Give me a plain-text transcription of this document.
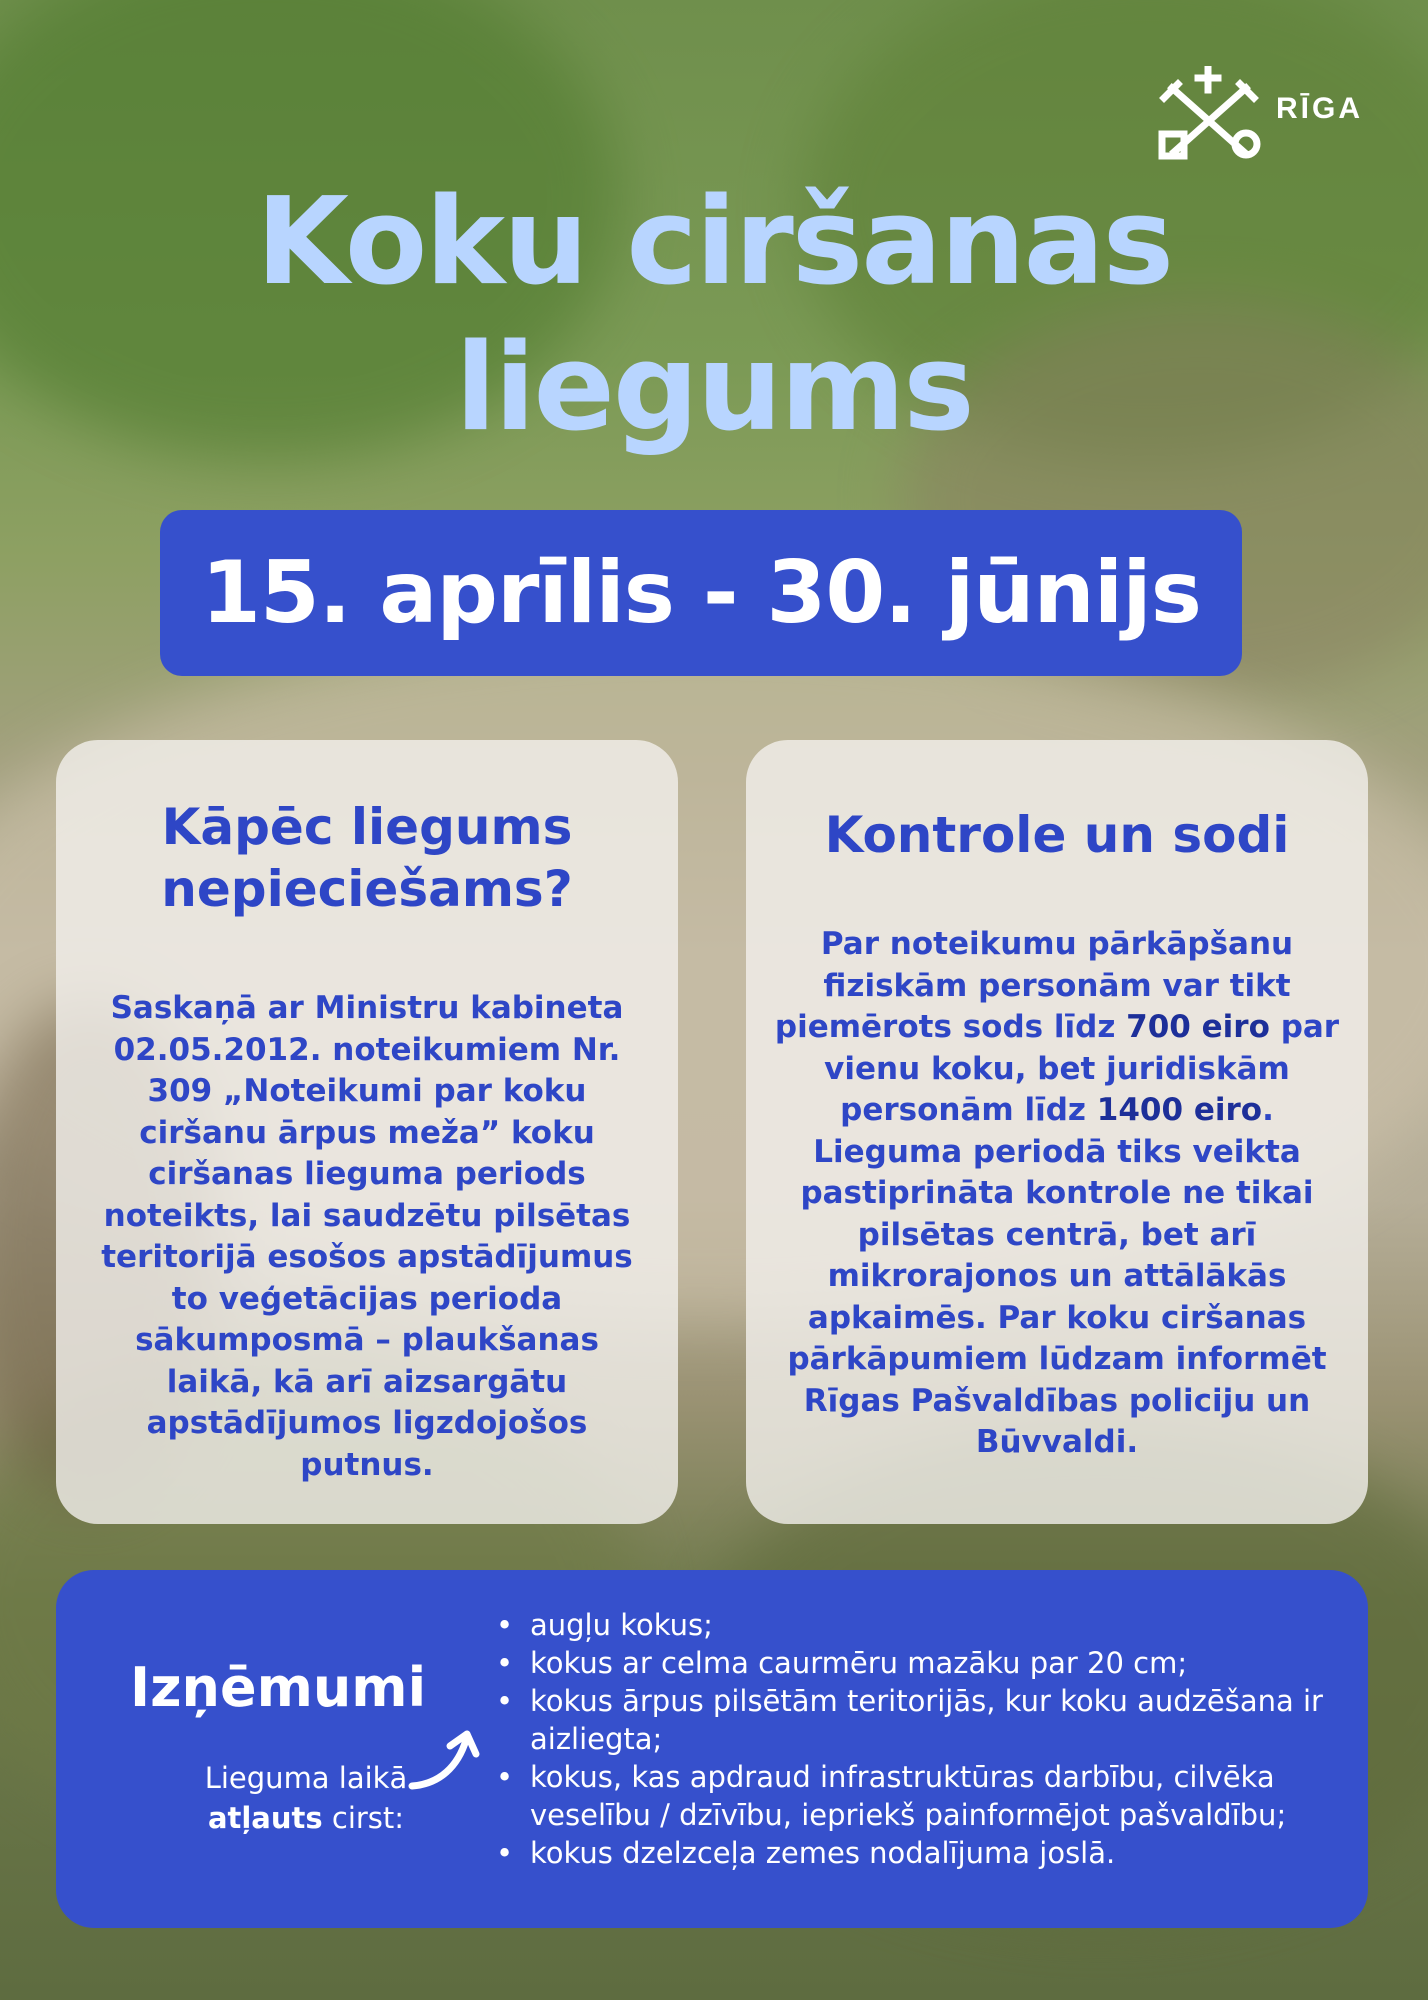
RĪGA
Koku ciršanas
liegums
15. aprīlis - 30. jūnijs
Kāpēc liegums
nepieciešams?

Saskaņā ar Ministru kabineta 02.05.2012. noteikumiem Nr. 309 „Noteikumi par koku ciršanu ārpus meža” koku ciršanas lieguma periods noteikts, lai saudzētu pilsētas teritorijā esošos apstādījumus to veģetācijas perioda sākumposmā – plaukšanas laikā, kā arī aizsargātu apstādījumos ligzdojošos putnus.

Kontrole un sodi

Par noteikumu pārkāpšanu fiziskām personām var tikt piemērots sods līdz 700 eiro par vienu koku, bet juridiskām personām līdz 1400 eiro. Lieguma periodā tiks veikta pastiprināta kontrole ne tikai pilsētas centrā, bet arī mikrorajonos un attālākās apkaimēs. Par koku ciršanas pārkāpumiem lūdzam informēt Rīgas Pašvaldības policiju un Būvvaldi.

Izņēmumi
Lieguma laikā
atļauts cirst:
• augļu kokus;
• kokus ar celma caurmēru mazāku par 20 cm;
• kokus ārpus pilsētām teritorijās, kur koku audzēšana ir aizliegta;
• kokus, kas apdraud infrastruktūras darbību, cilvēka veselību / dzīvību, iepriekš painformējot pašvaldību;
• kokus dzelzceļa zemes nodalījuma joslā.
